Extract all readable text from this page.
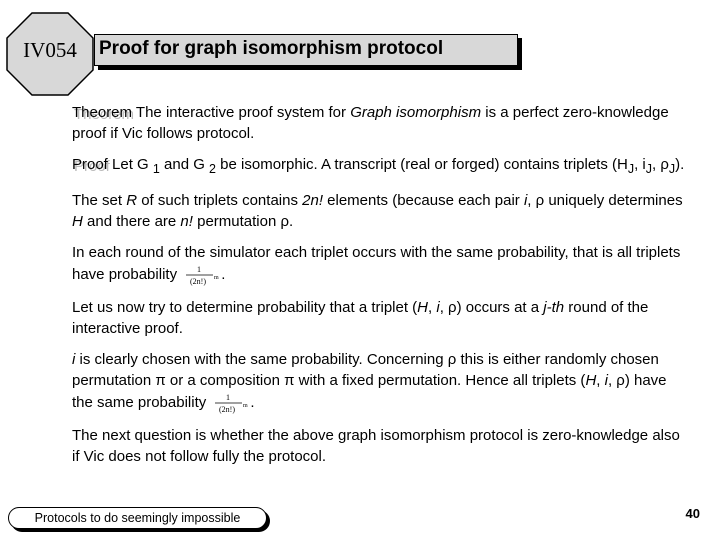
IV054	Proof for graph isomorphism protocol

Theorem The interactive proof system for Graph isomorphism is a perfect zero-knowledge proof if Vic follows protocol.

Proof Let G $_1$ and G $_2$ be isomorphic. A transcript (real or forged) contains triplets ($H_J$, $i_J$, $\rho_J$).

The set R of such triplets contains 2n! elements (because each pair i, ρ uniquely determines H and there are n! permutation ρ.

In each round of the simulator each triplet occurs with the same probability, that is all triplets have probability	1
(2n!) m .

Let us now try to determine probability that a triplet (H, i, ρ) occurs at a j-th round of the interactive proof.

i is clearly chosen with the same probability. Concerning ρ this is either randomly chosen permutation π or a composition π with a fixed permutation. Hence all triplets (H, i, ρ) have the same probability	1
(2n!) m .

The next question is whether the above graph isomorphism protocol is zero-knowledge also if Vic does not follow fully the protocol.

Protocols to do seemingly impossible	40
